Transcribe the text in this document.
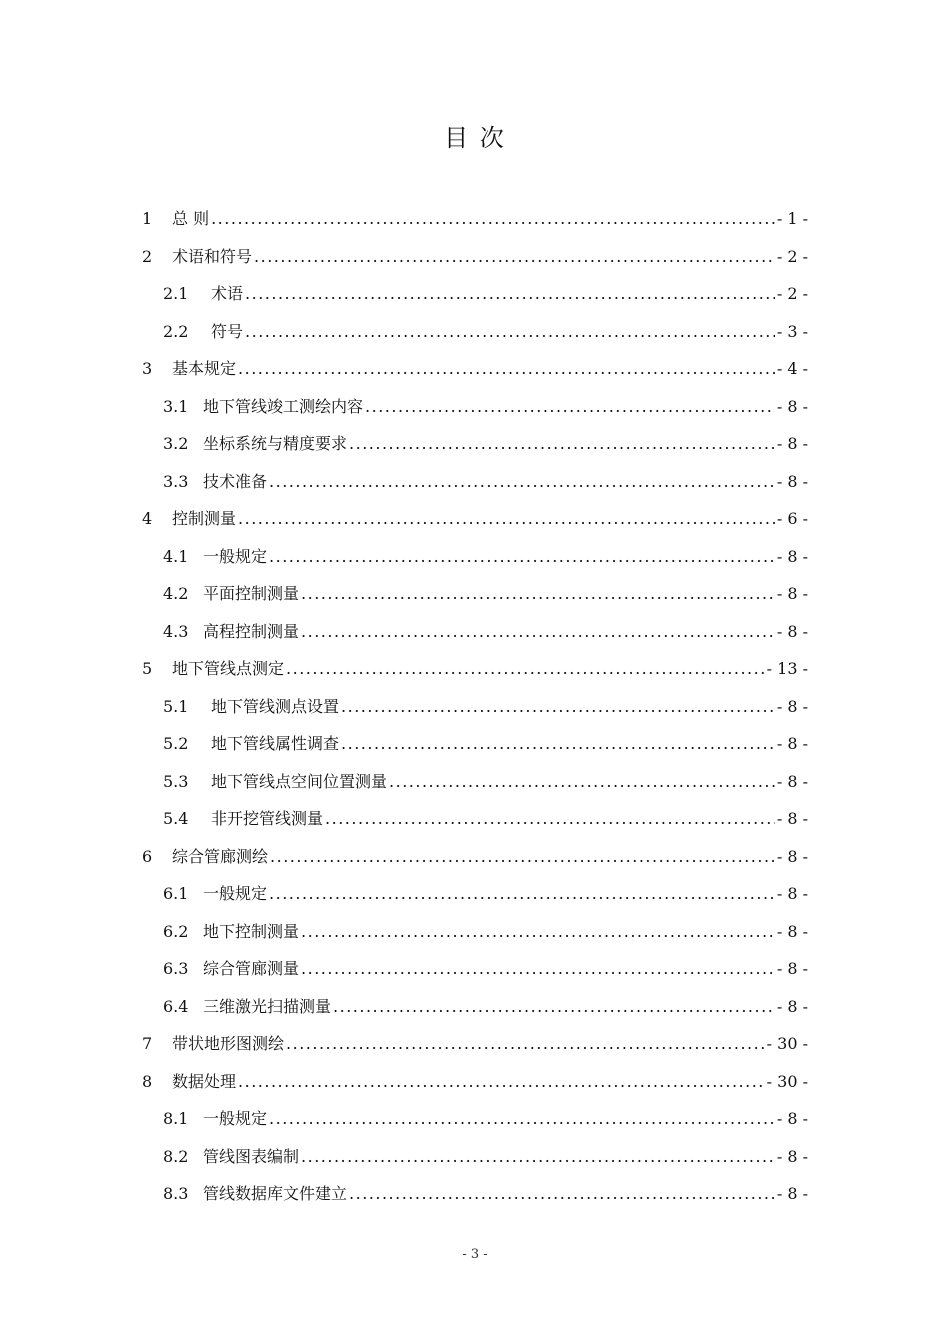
目 次
1	总 则 .....	- 1 -
2	术语和符号 .....	- 2 -
2.1	术语 .....	- 2 -
2.2	符号 .....	- 3 -
3	基本规定 .....	- 4 -
3.1 地下管线竣工测绘内容 .....	- 8 -
3.2 坐标系统与精度要求 .....	- 8 -
3.3 技术准备 .....	- 8 -
4	控制测量 .....	- 6 -
4.1 一般规定 .....	- 8 -
4.2 平面控制测量 .....	- 8 -
4.3 高程控制测量 .....	- 8 -
5	地下管线点测定 .....	- 13 -
5.1	地下管线测点设置 .....	- 8 -
5.2	地下管线属性调查 .....	- 8 -
5.3	地下管线点空间位置测量 .....	- 8 -
5.4	非开挖管线测量 .....	- 8 -
6	综合管廊测绘 .....	- 8 -
6.1 一般规定 .....	- 8 -
6.2 地下控制测量 .....	- 8 -
6.3 综合管廊测量 .....	- 8 -
6.4 三维激光扫描测量 .....	- 8 -
7	带状地形图测绘 .....	- 30 -
8	数据处理 .....	- 30 -
8.1 一般规定 .....	- 8 -
8.2 管线图表编制 .....	- 8 -
8.3 管线数据库文件建立 .....	- 8 -
- 3 -
